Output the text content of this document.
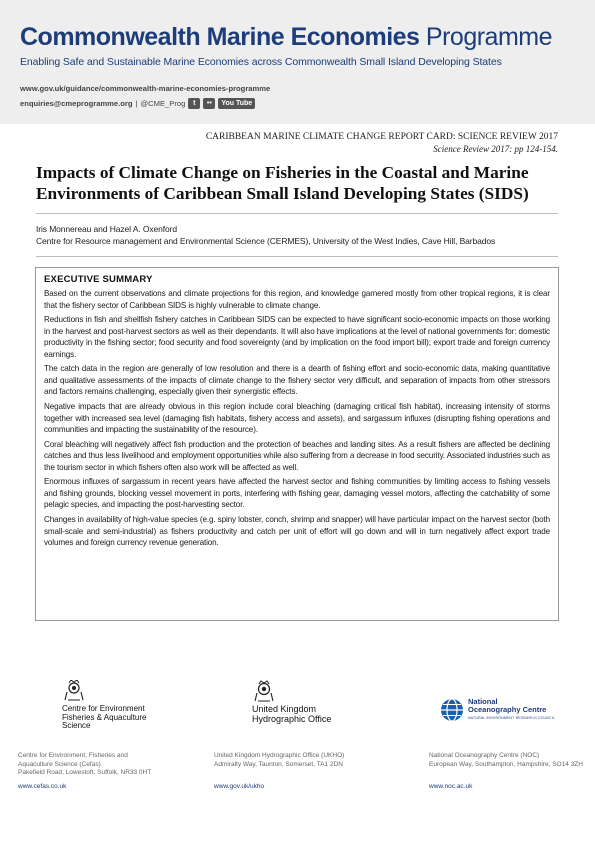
Commonwealth Marine Economies Programme
Enabling Safe and Sustainable Marine Economies across Commonwealth Small Island Developing States
www.gov.uk/guidance/commonwealth-marine-economies-programme
enquiries@cmeprogramme.org | @CME_Prog	t	••	You Tube
CARIBBEAN MARINE CLIMATE CHANGE REPORT CARD: SCIENCE REVIEW 2017
Science Review 2017: pp 124-154.
Impacts of Climate Change on Fisheries in the Coastal and Marine
Environments of Caribbean Small Island Developing States (SIDS)
Iris Monnereau and Hazel A. Oxenford
Centre for Resource management and Environmental Science (CERMES), University of the West Indies, Cave Hill, Barbados
EXECUTIVE SUMMARY

Based on the current observations and climate projections for this region, and knowledge garnered mostly from other tropical regions, it is clear that the fishery sector of Caribbean SIDS is highly vulnerable to climate change.

Reductions in fish and shellfish fishery catches in Caribbean SIDS can be expected to have significant socio-economic impacts on those working in the harvest and post-harvest sectors as well as their dependants. It will also have implications at the level of national governments for: domestic productivity in the fishing sector; food security and food sovereignty (and by implication on the food import bill); export trade and foreign currency earnings.

The catch data in the region are generally of low resolution and there is a dearth of fishing effort and socio-economic data, making quantitative and qualitative assessments of the impacts of climate change to the fishery sector very difficult, and separation of impacts from other stressors and factors remains challenging, especially given their synergistic effects.

Negative impacts that are already obvious in this region include coral bleaching (damaging critical fish habitat), increasing intensity of storms together with increased sea level (damaging fish habitats, fishery access and assets), and sargassum influxes (disrupting fishing operations and communities and impacting the sustainability of the resource).

Coral bleaching will negatively affect fish production and the protection of beaches and landing sites. As a result fishers are affected be declining catches and thus less livelihood and employment opportunities while also suffering from a decrease in food security. Associated industries such as the tourism sector in which fishers often also work will be affected as well.

Enormous influxes of sargassum in recent years have affected the harvest sector and fishing communities by limiting access to fishing vessels and fishing grounds, blocking vessel movement in ports, interfering with fishing gear, damaging vessel motors, affecting the catchability of some pelagic species, and impacting the post-harvesting sector.

Changes in availability of high-value species (e.g. spiny lobster, conch, shrimp and snapper) will have particular impact on the harvest sector (both small-scale and semi-industrial) as fishers productivity and catch per unit of effort will go down and will in turn negatively affect export trade volumes and foreign currency revenue generation.

Centre for Environment
Fisheries & Aquaculture
Science
United Kingdom
Hydrographic Office
National
Oceanography Centre
NATURAL ENVIRONMENT RESEARCH COUNCIL
Centre for Environment, Fisheries and
Aquaculture Science (Cefas)
Pakefield Road, Lowestoft, Suffolk, NR33 0HT
www.cefas.co.uk
United Kingdom Hydrographic Office (UKHO)
Admiralty Way, Taunton, Somerset, TA1 2DN
www.gov.uk/ukho
National Oceanography Centre (NOC)
European Way, Southampton, Hampshire, SO14 3ZH
www.noc.ac.uk
